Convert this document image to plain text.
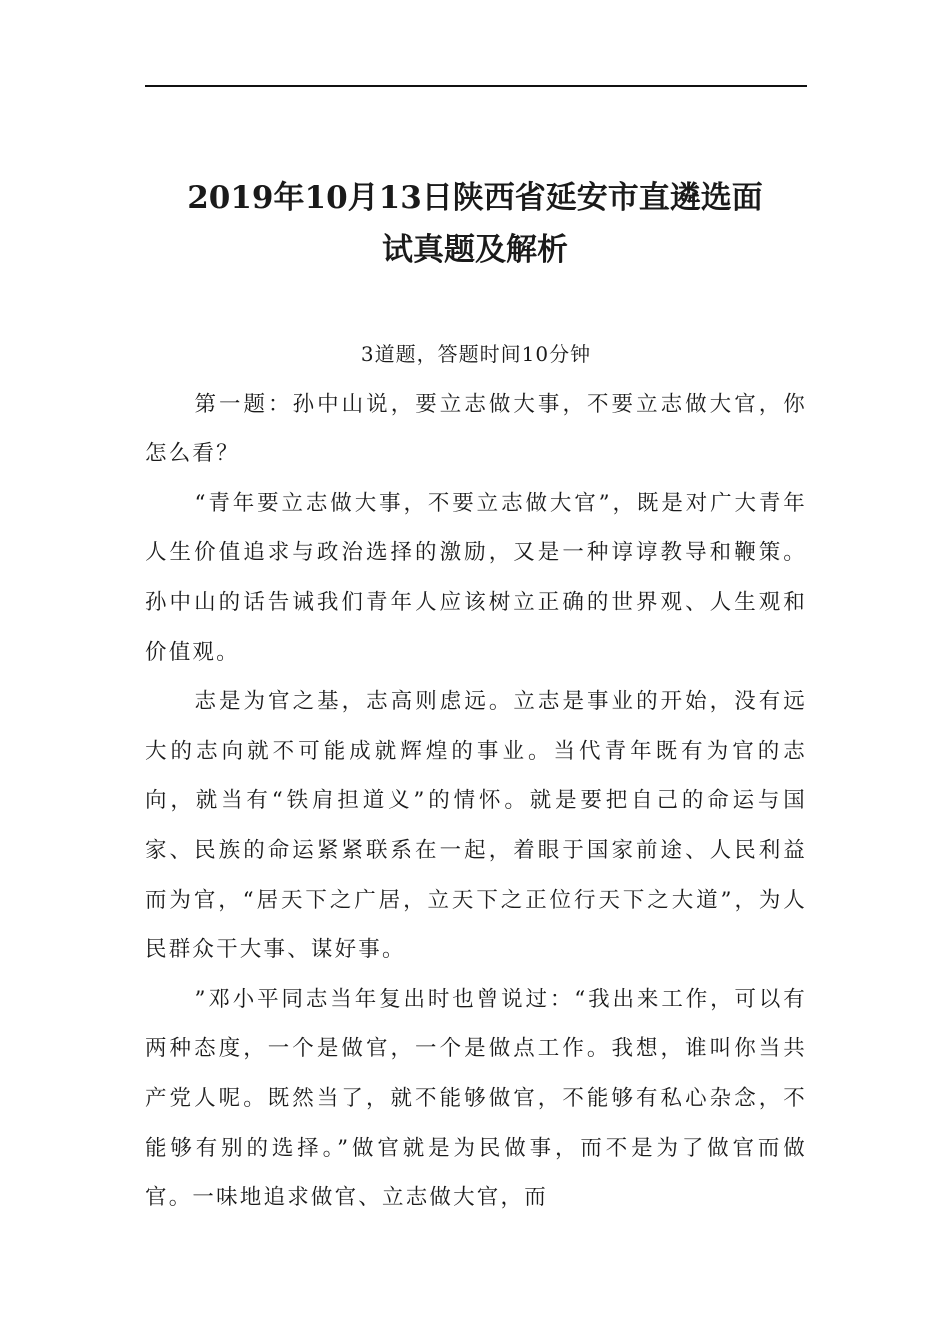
2019年10月13日陕西省延安市直遴选面
试真题及解析

3道题，答题时间10分钟

第一题：孙中山说，要立志做大事，不要立志做大官，你怎么看？

“青年要立志做大事，不要立志做大官”，既是对广大青年人生价值追求与政治选择的激励，又是一种谆谆教导和鞭策。孙中山的话告诫我们青年人应该树立正确的世界观、人生观和价值观。

志是为官之基，志高则虑远。立志是事业的开始，没有远大的志向就不可能成就辉煌的事业。当代青年既有为官的志向，就当有“铁肩担道义”的情怀。就是要把自己的命运与国家、民族的命运紧紧联系在一起，着眼于国家前途、人民利益而为官，“居天下之广居，立天下之正位行天下之大道”，为人民群众干大事、谋好事。

”邓小平同志当年复出时也曾说过：“我出来工作，可以有两种态度，一个是做官，一个是做点工作。我想，谁叫你当共产党人呢。既然当了，就不能够做官，不能够有私心杂念，不能够有别的选择。”做官就是为民做事，而不是为了做官而做官。一味地追求做官、立志做大官，而
